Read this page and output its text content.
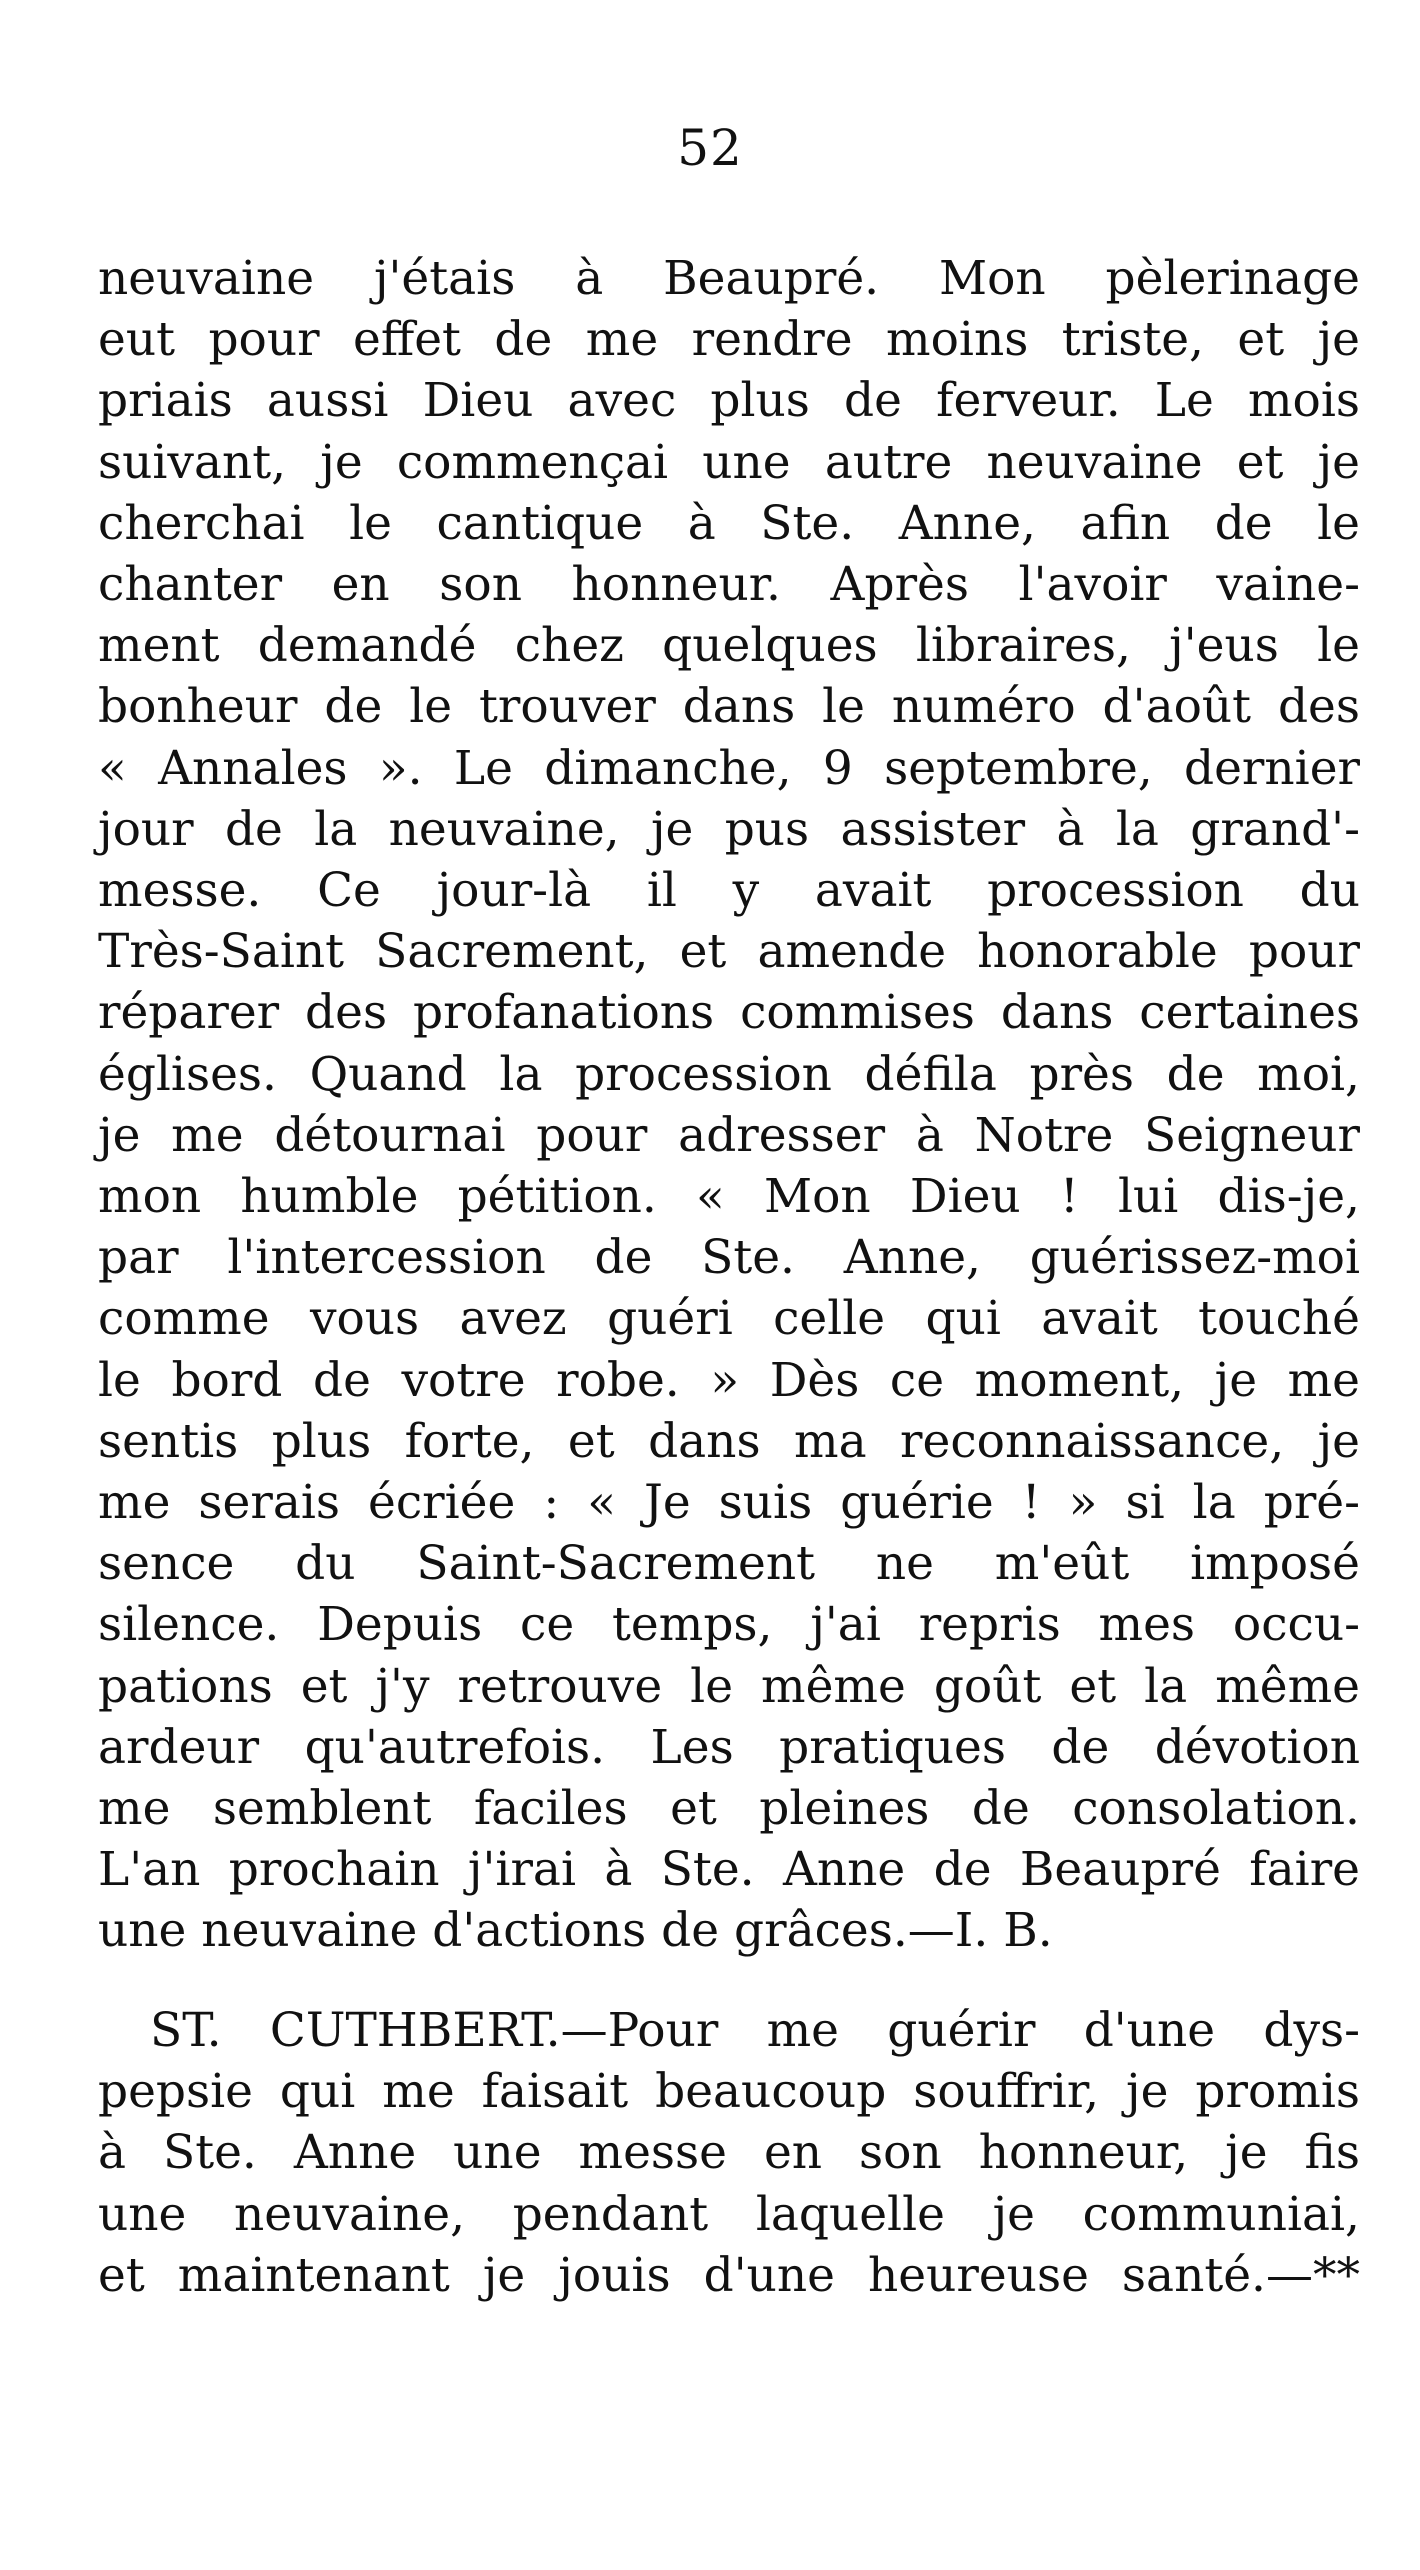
52
neuvaine j'étais à Beaupré. Mon pèlerinage
eut pour effet de me rendre moins triste, et je
priais aussi Dieu avec plus de ferveur. Le mois
suivant, je commençai une autre neuvaine et je
cherchai le cantique à Ste. Anne, afin de le
chanter en son honneur. Après l'avoir vaine-
ment demandé chez quelques libraires, j'eus le
bonheur de le trouver dans le numéro d'août des
« Annales ». Le dimanche, 9 septembre, dernier
jour de la neuvaine, je pus assister à la grand'-
messe. Ce jour-là il y avait procession du
Très-Saint Sacrement, et amende honorable pour
réparer des profanations commises dans certaines
églises. Quand la procession défila près de moi,
je me détournai pour adresser à Notre Seigneur
mon humble pétition. « Mon Dieu ! lui dis-je,
par l'intercession de Ste. Anne, guérissez-moi
comme vous avez guéri celle qui avait touché
le bord de votre robe. » Dès ce moment, je me
sentis plus forte, et dans ma reconnaissance, je
me serais écriée : « Je suis guérie ! » si la pré-
sence du Saint-Sacrement ne m'eût imposé
silence. Depuis ce temps, j'ai repris mes occu-
pations et j'y retrouve le même goût et la même
ardeur qu'autrefois. Les pratiques de dévotion
me semblent faciles et pleines de consolation.
L'an prochain j'irai à Ste. Anne de Beaupré faire
une neuvaine d'actions de grâces.—I. B.
ST. CUTHBERT.—Pour me guérir d'une dys-
pepsie qui me faisait beaucoup souffrir, je promis
à Ste. Anne une messe en son honneur, je fis
une neuvaine, pendant laquelle je communiai,
et maintenant je jouis d'une heureuse santé.—**
